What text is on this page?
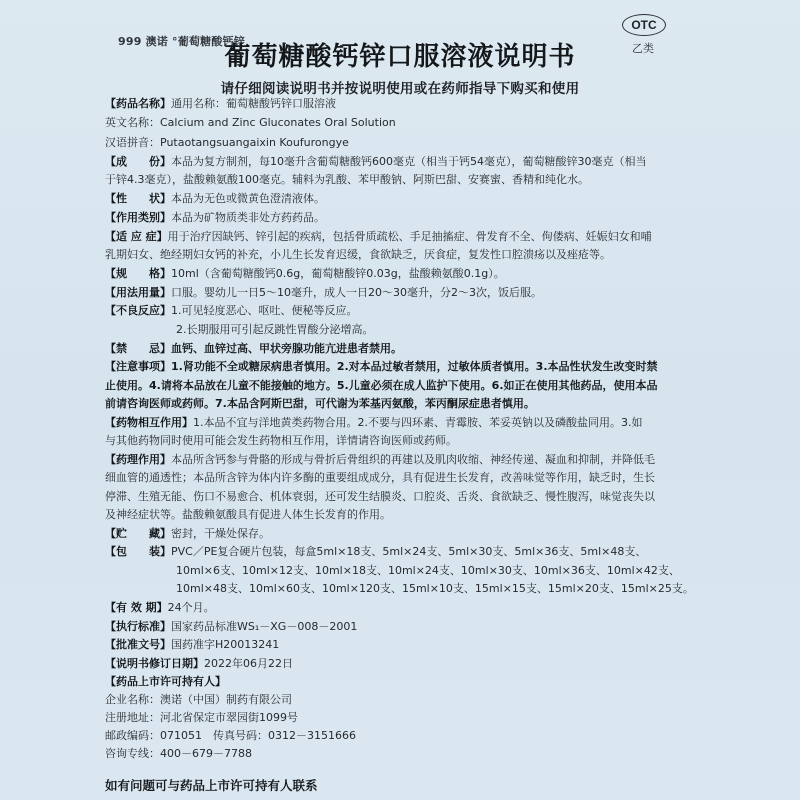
999 澳诺 °葡萄糖酸钙锌
OTC
乙类
葡萄糖酸钙锌口服溶液说明书
请仔细阅读说明书并按说明使用或在药师指导下购买和使用
【药品名称】通用名称：葡萄糖酸钙锌口服溶液
英文名称：Calcium and Zinc Gluconates Oral Solution
汉语拼音：Putaotangsuangaixin Koufurongye
【成　　份】本品为复方制剂，每10毫升含葡萄糖酸钙600毫克（相当于钙54毫克），葡萄糖酸锌30毫克（相当
于锌4.3毫克），盐酸赖氨酸100毫克。辅料为乳酸、苯甲酸钠、阿斯巴甜、安赛蜜、香精和纯化水。
【性　　状】本品为无色或微黄色澄清液体。
【作用类别】本品为矿物质类非处方药药品。
【适 应 症】用于治疗因缺钙、锌引起的疾病，包括骨质疏松、手足抽搐症、骨发育不全、佝偻病、妊娠妇女和哺
乳期妇女、绝经期妇女钙的补充，小儿生长发育迟缓，食欲缺乏，厌食症，复发性口腔溃疡以及痤疮等。
【规　　格】10ml（含葡萄糖酸钙0.6g，葡萄糖酸锌0.03g，盐酸赖氨酸0.1g）。
【用法用量】口服。婴幼儿一日5～10毫升，成人一日20～30毫升，分2～3次，饭后服。
【不良反应】1.可见轻度恶心、呕吐、便秘等反应。
2.长期服用可引起反跳性胃酸分泌增高。
【禁　　忌】血钙、血锌过高、甲状旁腺功能亢进患者禁用。
【注意事项】1.肾功能不全或糖尿病患者慎用。2.对本品过敏者禁用，过敏体质者慎用。3.本品性状发生改变时禁
止使用。4.请将本品放在儿童不能接触的地方。5.儿童必须在成人监护下使用。6.如正在使用其他药品，使用本品
前请咨询医师或药师。7.本品含阿斯巴甜，可代谢为苯基丙氨酸，苯丙酮尿症患者慎用。
【药物相互作用】1.本品不宜与洋地黄类药物合用。2.不要与四环素、青霉胺、苯妥英钠以及磷酸盐同用。3.如
与其他药物同时使用可能会发生药物相互作用，详情请咨询医师或药师。
【药理作用】本品所含钙参与骨骼的形成与骨折后骨组织的再建以及肌肉收缩、神经传递、凝血和抑制，并降低毛
细血管的通透性；本品所含锌为体内许多酶的重要组成成分，具有促进生长发育，改善味觉等作用，缺乏时，生长
停滞、生殖无能、伤口不易愈合、机体衰弱，还可发生结膜炎、口腔炎、舌炎、食欲缺乏、慢性腹泻，味觉丧失以
及神经症状等。盐酸赖氨酸具有促进人体生长发育的作用。
【贮　　藏】密封，干燥处保存。
【包　　装】PVC／PE复合硬片包装，每盒5ml×18支、5ml×24支、5ml×30支、5ml×36支、5ml×48支、
10ml×6支、10ml×12支、10ml×18支、10ml×24支、10ml×30支、10ml×36支、10ml×42支、
10ml×48支、10ml×60支、10ml×120支、15ml×10支、15ml×15支、15ml×20支、15ml×25支。
【有 效 期】24个月。
【执行标准】国家药品标准WS₁－XG－008－2001
【批准文号】国药准字H20013241
【说明书修订日期】2022年06月22日
【药品上市许可持有人】
企业名称：澳诺（中国）制药有限公司
注册地址：河北省保定市翠园街1099号
邮政编码：071051　传真号码：0312－3151666
咨询专线：400－679－7788
如有问题可与药品上市许可持有人联系
